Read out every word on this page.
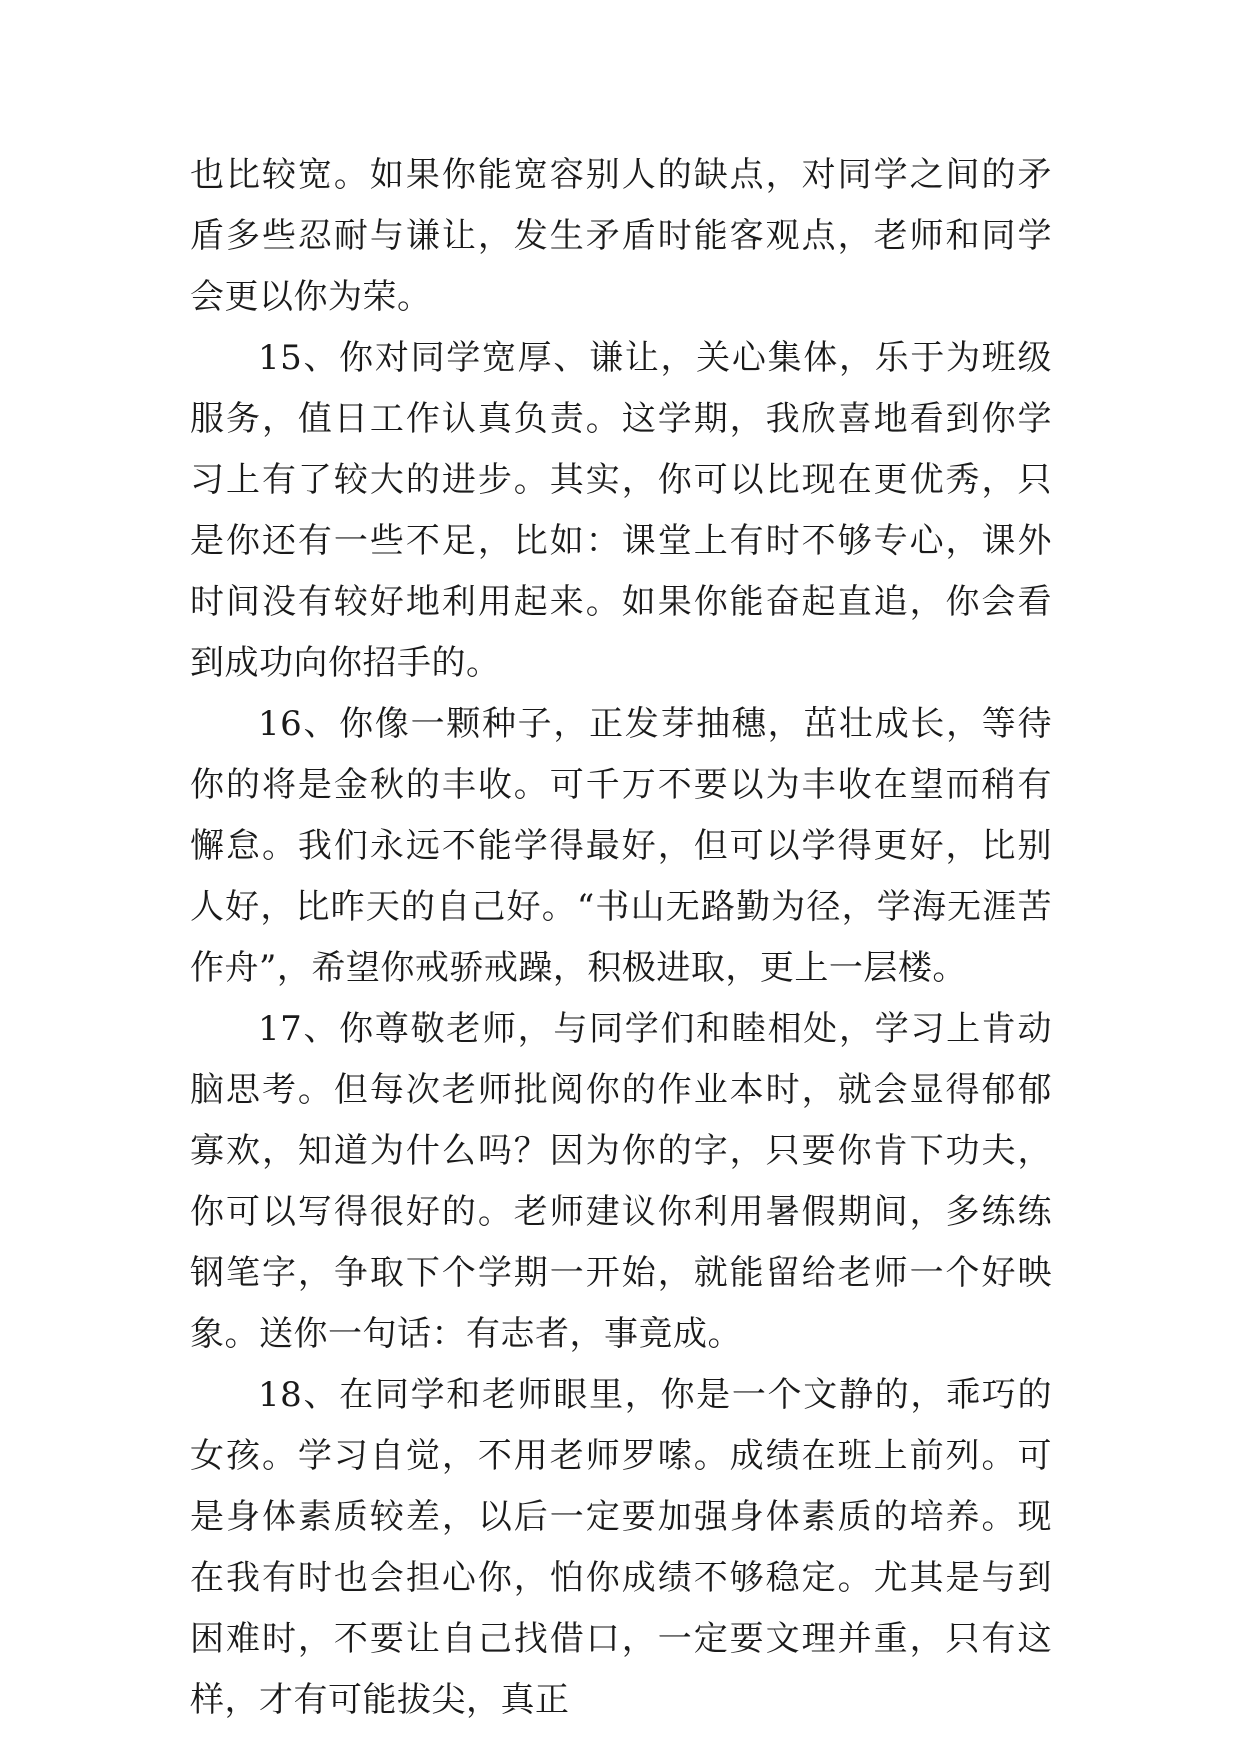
也比较宽。如果你能宽容别人的缺点，对同学之间的矛盾多些忍耐与谦让，发生矛盾时能客观点，老师和同学会更以你为荣。

15、你对同学宽厚、谦让，关心集体，乐于为班级服务，值日工作认真负责。这学期，我欣喜地看到你学习上有了较大的进步。其实，你可以比现在更优秀，只是你还有一些不足，比如：课堂上有时不够专心，课外时间没有较好地利用起来。如果你能奋起直追，你会看到成功向你招手的。

16、你像一颗种子，正发芽抽穗，茁壮成长，等待你的将是金秋的丰收。可千万不要以为丰收在望而稍有懈怠。我们永远不能学得最好，但可以学得更好，比别人好，比昨天的自己好。“书山无路勤为径，学海无涯苦作舟”，希望你戒骄戒躁，积极进取，更上一层楼。

17、你尊敬老师，与同学们和睦相处，学习上肯动脑思考。但每次老师批阅你的作业本时，就会显得郁郁寡欢，知道为什么吗？因为你的字，只要你肯下功夫，你可以写得很好的。老师建议你利用暑假期间，多练练钢笔字，争取下个学期一开始，就能留给老师一个好映象。送你一句话：有志者，事竟成。

18、在同学和老师眼里，你是一个文静的，乖巧的女孩。学习自觉，不用老师罗嗦。成绩在班上前列。可是身体素质较差，以后一定要加强身体素质的培养。现在我有时也会担心你，怕你成绩不够稳定。尤其是与到困难时，不要让自己找借口，一定要文理并重，只有这样，才有可能拔尖，真正
